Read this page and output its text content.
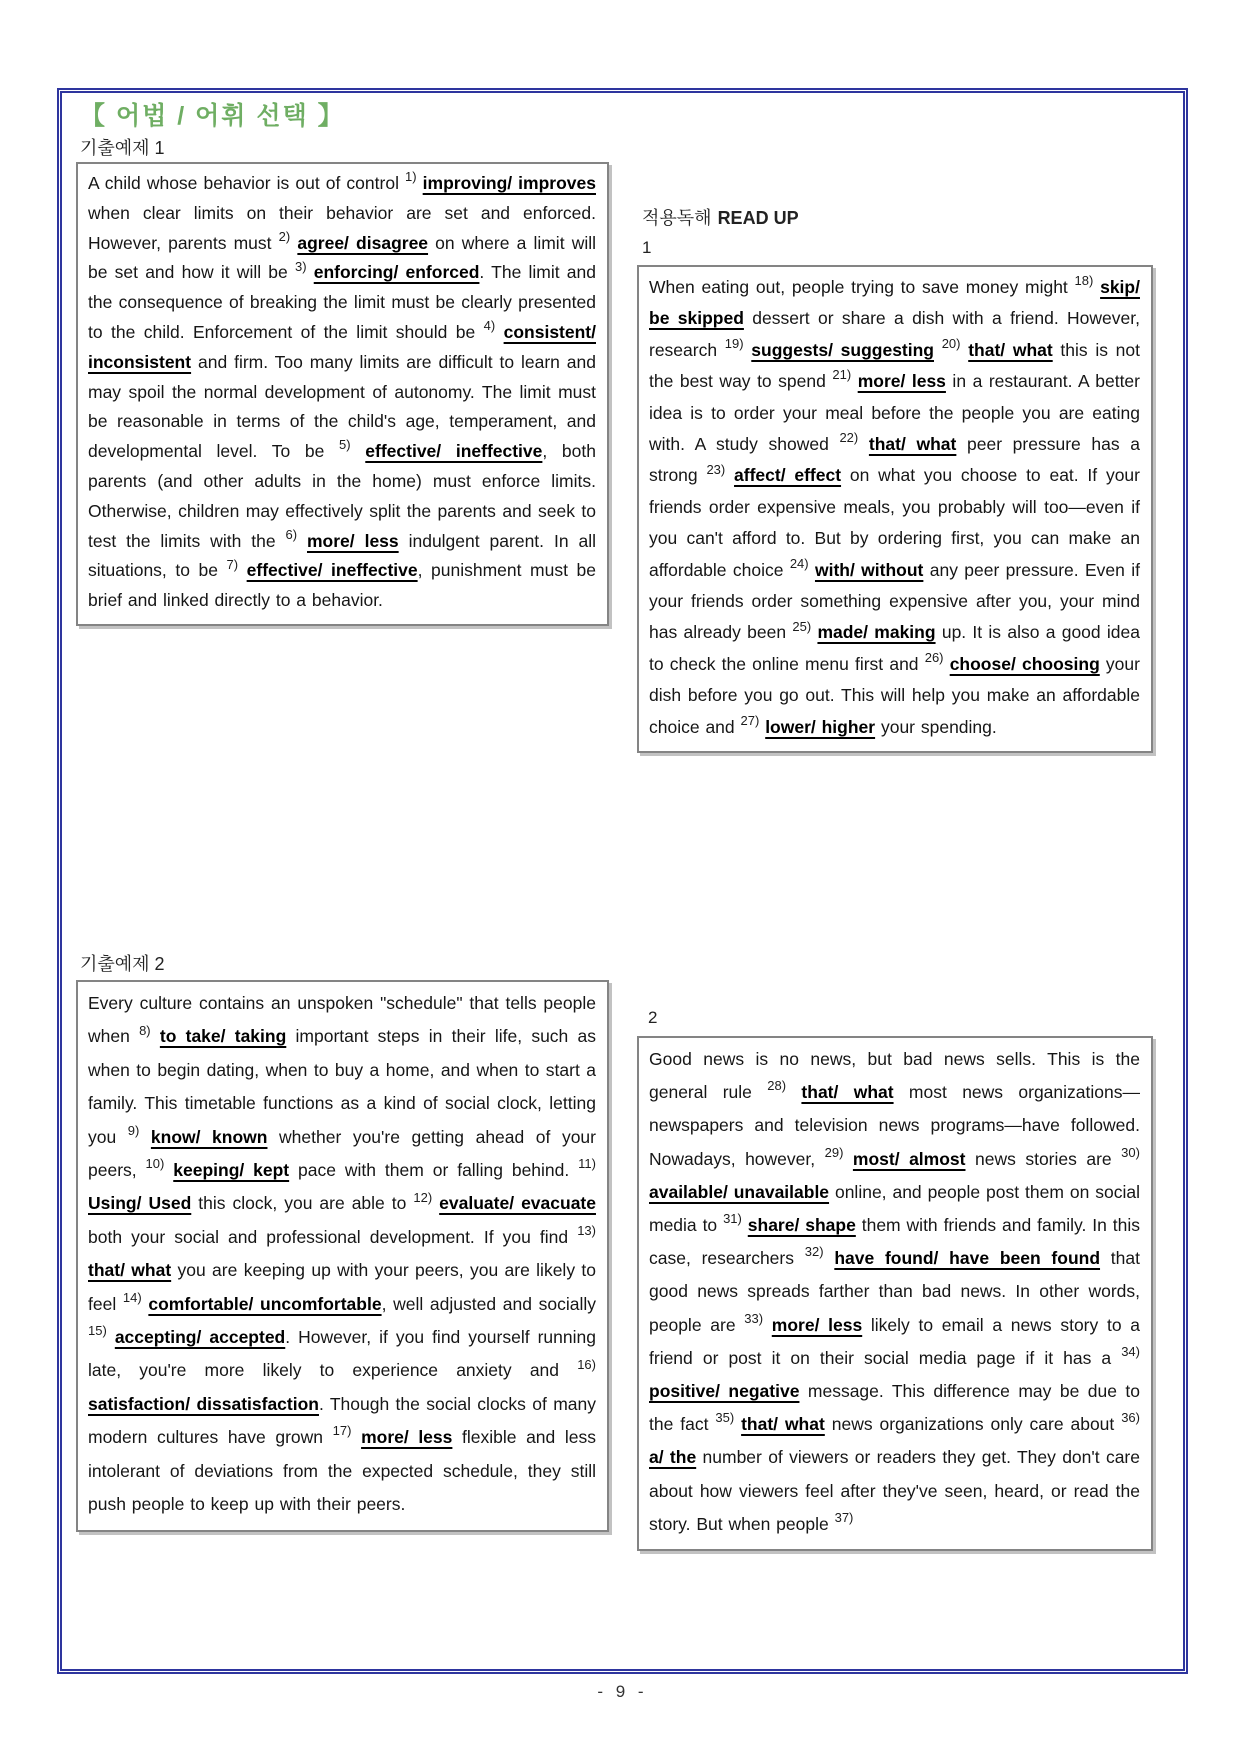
【 어법 / 어휘 선택 】
기출예제 1
A child whose behavior is out of control $^{1)}$ improving/ improves when clear limits on their behavior are set and enforced. However, parents must $^{2)}$ agree/ disagree on where a limit will be set and how it will be $^{3)}$ enforcing/ enforced. The limit and the consequence of breaking the limit must be clearly presented to the child. Enforcement of the limit should be $^{4)}$ consistent/ inconsistent and firm. Too many limits are difficult to learn and may spoil the normal development of autonomy. The limit must be reasonable in terms of the child's age, temperament, and developmental level. To be $^{5)}$ effective/ ineffective, both parents (and other adults in the home) must enforce limits. Otherwise, children may effectively split the parents and seek to test the limits with the $^{6)}$ more/ less indulgent parent. In all situations, to be $^{7)}$ effective/ ineffective, punishment must be brief and linked directly to a behavior.
적용독해 READ UP
1
When eating out, people trying to save money might $^{18)}$ skip/ be skipped dessert or share a dish with a friend. However, research $^{19)}$ suggests/ suggesting $^{20)}$ that/ what this is not the best way to spend $^{21)}$ more/ less in a restaurant. A better idea is to order your meal before the people you are eating with. A study showed $^{22)}$ that/ what peer pressure has a strong $^{23)}$ affect/ effect on what you choose to eat. If your friends order expensive meals, you probably will too—even if you can't afford to. But by ordering first, you can make an affordable choice $^{24)}$ with/ without any peer pressure. Even if your friends order something expensive after you, your mind has already been $^{25)}$ made/ making up. It is also a good idea to check the online menu first and $^{26)}$ choose/ choosing your dish before you go out. This will help you make an affordable choice and $^{27)}$ lower/ higher your spending.
기출예제 2
Every culture contains an unspoken "schedule" that tells people when $^{8)}$ to take/ taking important steps in their life, such as when to begin dating, when to buy a home, and when to start a family. This timetable functions as a kind of social clock, letting you $^{9)}$ know/ known whether you're getting ahead of your peers, $^{10)}$ keeping/ kept pace with them or falling behind. $^{11)}$ Using/ Used this clock, you are able to $^{12)}$ evaluate/ evacuate both your social and professional development. If you find $^{13)}$ that/ what you are keeping up with your peers, you are likely to feel $^{14)}$ comfortable/ uncomfortable, well adjusted and socially $^{15)}$ accepting/ accepted. However, if you find yourself running late, you're more likely to experience anxiety and $^{16)}$ satisfaction/ dissatisfaction. Though the social clocks of many modern cultures have grown $^{17)}$ more/ less flexible and less intolerant of deviations from the expected schedule, they still push people to keep up with their peers.
2
Good news is no news, but bad news sells. This is the general rule $^{28)}$ that/ what most news organizations—newspapers and television news programs—have followed. Nowadays, however, $^{29)}$ most/ almost news stories are $^{30)}$ available/ unavailable online, and people post them on social media to $^{31)}$ share/ shape them with friends and family. In this case, researchers $^{32)}$ have found/ have been found that good news spreads farther than bad news. In other words, people are $^{33)}$ more/ less likely to email a news story to a friend or post it on their social media page if it has a $^{34)}$ positive/ negative message. This difference may be due to the fact $^{35)}$ that/ what news organizations only care about $^{36)}$ a/ the number of viewers or readers they get. They don't care about how viewers feel after they've seen, heard, or read the story. But when people $^{37)}$
- 9 -
